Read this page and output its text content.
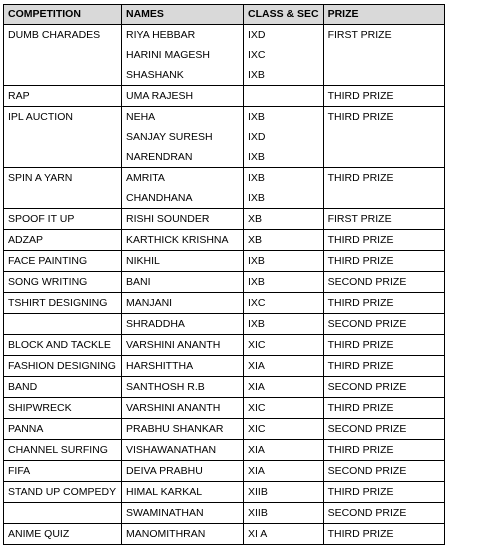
COMPETITION	NAMES	CLASS & SEC	PRIZE
DUMB CHARADES	RIYA HEBBAR	IXD	FIRST PRIZE
	HARINI MAGESH	IXC	
	SHASHANK	IXB	
RAP	UMA RAJESH		THIRD PRIZE
IPL AUCTION	NEHA	IXB	THIRD PRIZE
	SANJAY SURESH	IXD	
	NARENDRAN	IXB	
SPIN A YARN	AMRITA	IXB	THIRD PRIZE
	CHANDHANA	IXB	
SPOOF IT UP	RISHI SOUNDER	XB	FIRST PRIZE
ADZAP	KARTHICK KRISHNA	XB	THIRD PRIZE
FACE PAINTING	NIKHIL	IXB	THIRD PRIZE
SONG WRITING	BANI	IXB	SECOND PRIZE
TSHIRT DESIGNING	MANJANI	IXC	THIRD PRIZE
	SHRADDHA	IXB	SECOND PRIZE
BLOCK AND TACKLE	VARSHINI ANANTH	XIC	THIRD PRIZE
FASHION DESIGNING	HARSHITTHA	XIA	THIRD PRIZE
BAND	SANTHOSH R.B	XIA	SECOND PRIZE
SHIPWRECK	VARSHINI ANANTH	XIC	THIRD PRIZE
PANNA	PRABHU SHANKAR	XIC	SECOND PRIZE
CHANNEL SURFING	VISHAWANATHAN	XIA	THIRD PRIZE
FIFA	DEIVA PRABHU	XIA	SECOND PRIZE
STAND UP COMPEDY	HIMAL KARKAL	XIIB	THIRD PRIZE
	SWAMINATHAN	XIIB	SECOND PRIZE
ANIME QUIZ	MANOMITHRAN	XI A	THIRD PRIZE
